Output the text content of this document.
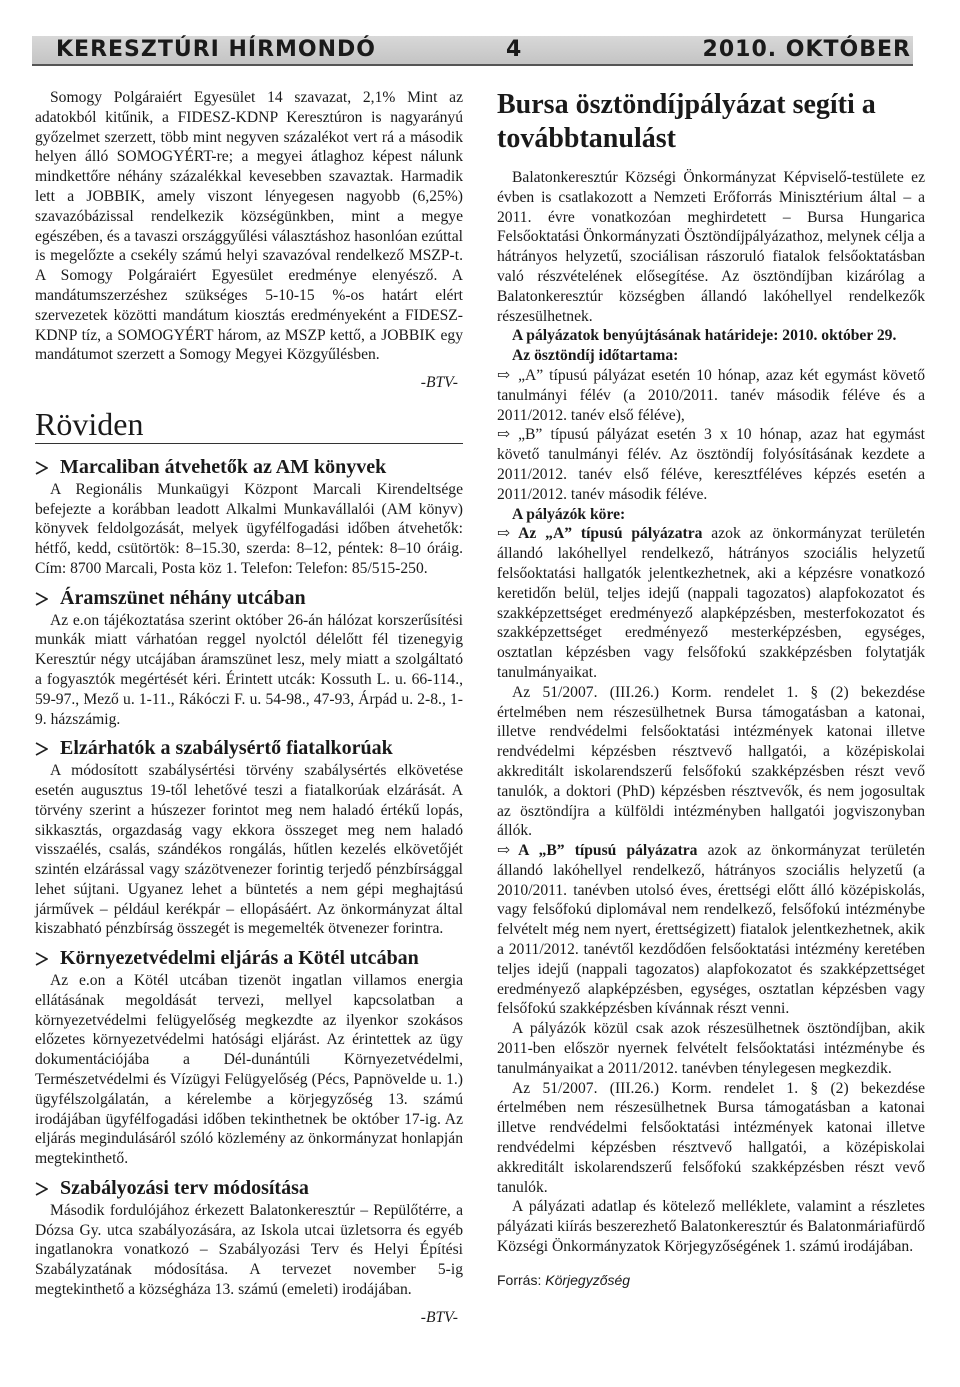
KERESZTÚRI HÍRMONDÓ	4	2010. OKTÓBER

Somogy Polgáraiért Egyesület 14 szavazat, 2,1% Mint az adatokból kitűnik, a FIDESZ-KDNP Keresztúron is nagyarányú győzelmet szerzett, több mint negyven százalékot vert rá a második helyen álló SOMOGYÉRT-re; a megyei átlaghoz képest nálunk mindkettőre néhány százalékkal kevesebben szavaztak. Harmadik lett a JOBBIK, amely viszont lényegesen nagyobb (6,25%) szavazóbázissal rendelkezik községünkben, mint a megye egészében, és a tavaszi országgyűlési választáshoz hasonlóan ezúttal is megelőzte a csekély számú helyi szavazóval rendelkező MSZP-t. A Somogy Polgáraiért Egyesület eredménye elenyésző. A mandátumszerzéshez szükséges 5-10-15 %-os határt elért szervezetek közötti mandátum kiosztás eredményeként a FIDESZ-KDNP tíz, a SOMOGYÉRT három, az MSZP kettő, a JOBBIK egy mandátumot szerzett a Somogy Megyei Közgyűlésben.

-BTV-

Röviden
Marcaliban átvehetők az AM könyvek

A Regionális Munkaügyi Központ Marcali Kirendeltsége befejezte a korábban leadott Alkalmi Munkavállalói (AM könyv) könyvek feldolgozását, melyek ügyfélfogadási időben átvehetők: hétfő, kedd, csütörtök: 8–15.30, szerda: 8–12, péntek: 8–10 óráig. Cím: 8700 Marcali, Posta köz 1. Telefon: Telefon: 85/515-250.

Áramszünet néhány utcában

Az e.on tájékoztatása szerint október 26-án hálózat korszerűsítési munkák miatt várhatóan reggel nyolctól délelőtt fél tizenegyig Keresztúr négy utcájában áramszünet lesz, mely miatt a szolgáltató a fogyasztók megértését kéri. Érintett utcák: Kossuth L. u. 66-114., 59-97., Mező u. 1-11., Rákóczi F. u. 54-98., 47-93, Árpád u. 2-8., 1-9. házszámig.

Elzárhatók a szabálysértő fiatalkorúak

A módosított szabálysértési törvény szabálysértés elkövetése esetén augusztus 19-től lehetővé teszi a fiatalkorúak elzárását. A törvény szerint a húszezer forintot meg nem haladó értékű lopás, sikkasztás, orgazdaság vagy ekkora összeget meg nem haladó visszaélés, csalás, szándékos rongálás, hűtlen kezelés elkövetőjét szintén elzárással vagy százötvenezer forintig terjedő pénzbírsággal lehet sújtani. Ugyanez lehet a büntetés a nem gépi meghajtású járművek – például kerékpár – ellopásáért. Az önkormányzat által kiszabható pénzbírság összegét is megemelték ötvenezer forintra.

Környezetvédelmi eljárás a Kötél utcában

Az e.on a Kötél utcában tizenöt ingatlan villamos energia ellátásának megoldását tervezi, mellyel kapcsolatban a környezetvédelmi felügyelőség megkezdte az ilyenkor szokásos előzetes környezetvédelmi hatósági eljárást. Az érintettek az ügy dokumentációjába a Dél-dunántúli Környezetvédelmi, Természetvédelmi és Vízügyi Felügyelőség (Pécs, Papnövelde u. 1.) ügyfélszolgálatán, a kérelembe a körjegyzőség 13. számú irodájában ügyfélfogadási időben tekinthetnek be október 17-ig. Az eljárás megindulásáról szóló közlemény az önkormányzat honlapján megtekinthető.

Szabályozási terv módosítása

Második fordulójához érkezett Balatonkeresztúr – Repülőtérre, a Dózsa Gy. utca szabályozására, az Iskola utcai üzletsorra és egyéb ingatlanokra vonatkozó – Szabályozási Terv és Helyi Építési Szabályzatának módosítása. A tervezet november 5-ig megtekinthető a községháza 13. számú (emeleti) irodájában.

-BTV-

Bursa ösztöndíjpályázat segíti a továbbtanulást

Balatonkeresztúr Községi Önkormányzat Képviselő-testülete ez évben is csatlakozott a Nemzeti Erőforrás Minisztérium által – a 2011. évre vonatkozóan meghirdetett – Bursa Hungarica Felsőoktatási Önkormányzati Ösztöndíjpályázathoz, melynek célja a hátrányos helyzetű, szociálisan rászoruló fiatalok felsőoktatásban való részvételének elősegítése. Az ösztöndíjban kizárólag a Balatonkeresztúr községben állandó lakóhellyel rendelkezők részesülhetnek.

A pályázatok benyújtásának határideje: 2010. október 29.

Az ösztöndíj időtartama:

⇨ „A” típusú pályázat esetén 10 hónap, azaz két egymást követő tanulmányi félév (a 2010/2011. tanév második féléve és a 2011/2012. tanév első féléve),

⇨ „B” típusú pályázat esetén 3 x 10 hónap, azaz hat egymást követő tanulmányi félév. Az ösztöndíj folyósításának kezdete a 2011/2012. tanév első féléve, keresztféléves képzés esetén a 2011/2012. tanév második féléve.

A pályázók köre:

⇨ Az „A” típusú pályázatra azok az önkormányzat területén állandó lakóhellyel rendelkező, hátrányos szociális helyzetű felsőoktatási hallgatók jelentkezhetnek, aki a képzésre vonatkozó keretidőn belül, teljes idejű (nappali tagozatos) alapfokozatot és szakképzettséget eredményező alapképzésben, mesterfokozatot és szakképzettséget eredményező mesterképzésben, egységes, osztatlan képzésben vagy felsőfokú szakképzésben folytatják tanulmányaikat.

Az 51/2007. (III.26.) Korm. rendelet 1. § (2) bekezdése értelmében nem részesülhetnek Bursa támogatásban a katonai, illetve rendvédelmi felsőoktatási intézmények katonai illetve rendvédelmi képzésben résztvevő hallgatói, a középiskolai akkreditált iskolarendszerű felsőfokú szakképzésben részt vevő tanulók, a doktori (PhD) képzésben résztvevők, és nem jogosultak az ösztöndíjra a külföldi intézményben hallgatói jogviszonyban állók.

⇨ A „B” típusú pályázatra azok az önkormányzat területén állandó lakóhellyel rendelkező, hátrányos szociális helyzetű (a 2010/2011. tanévben utolsó éves, érettségi előtt álló középiskolás, vagy felsőfokú diplomával nem rendelkező, felsőfokú intézménybe felvételt még nem nyert, érettségizett) fiatalok jelentkezhetnek, akik a 2011/2012. tanévtől kezdődően felsőoktatási intézmény keretében teljes idejű (nappali tagozatos) alapfokozatot és szakképzettséget eredményező alapképzésben, egységes, osztatlan képzésben vagy felsőfokú szakképzésben kívánnak részt venni.

A pályázók közül csak azok részesülhetnek ösztöndíjban, akik 2011-ben először nyernek felvételt felsőoktatási intézménybe és tanulmányaikat a 2011/2012. tanévben ténylegesen megkezdik.

Az 51/2007. (III.26.) Korm. rendelet 1. § (2) bekezdése értelmében nem részesülhetnek Bursa támogatásban a katonai illetve rendvédelmi felsőoktatási intézmények katonai illetve rendvédelmi képzésben résztvevő hallgatói, a középiskolai akkreditált iskolarendszerű felsőfokú szakképzésben részt vevő tanulók.

A pályázati adatlap és kötelező melléklete, valamint a részletes pályázati kiírás beszerezhető Balatonkeresztúr és Balatonmáriafürdő Községi Önkormányzatok Körjegyzőségének 1. számú irodájában.

Forrás: Körjegyzőség
